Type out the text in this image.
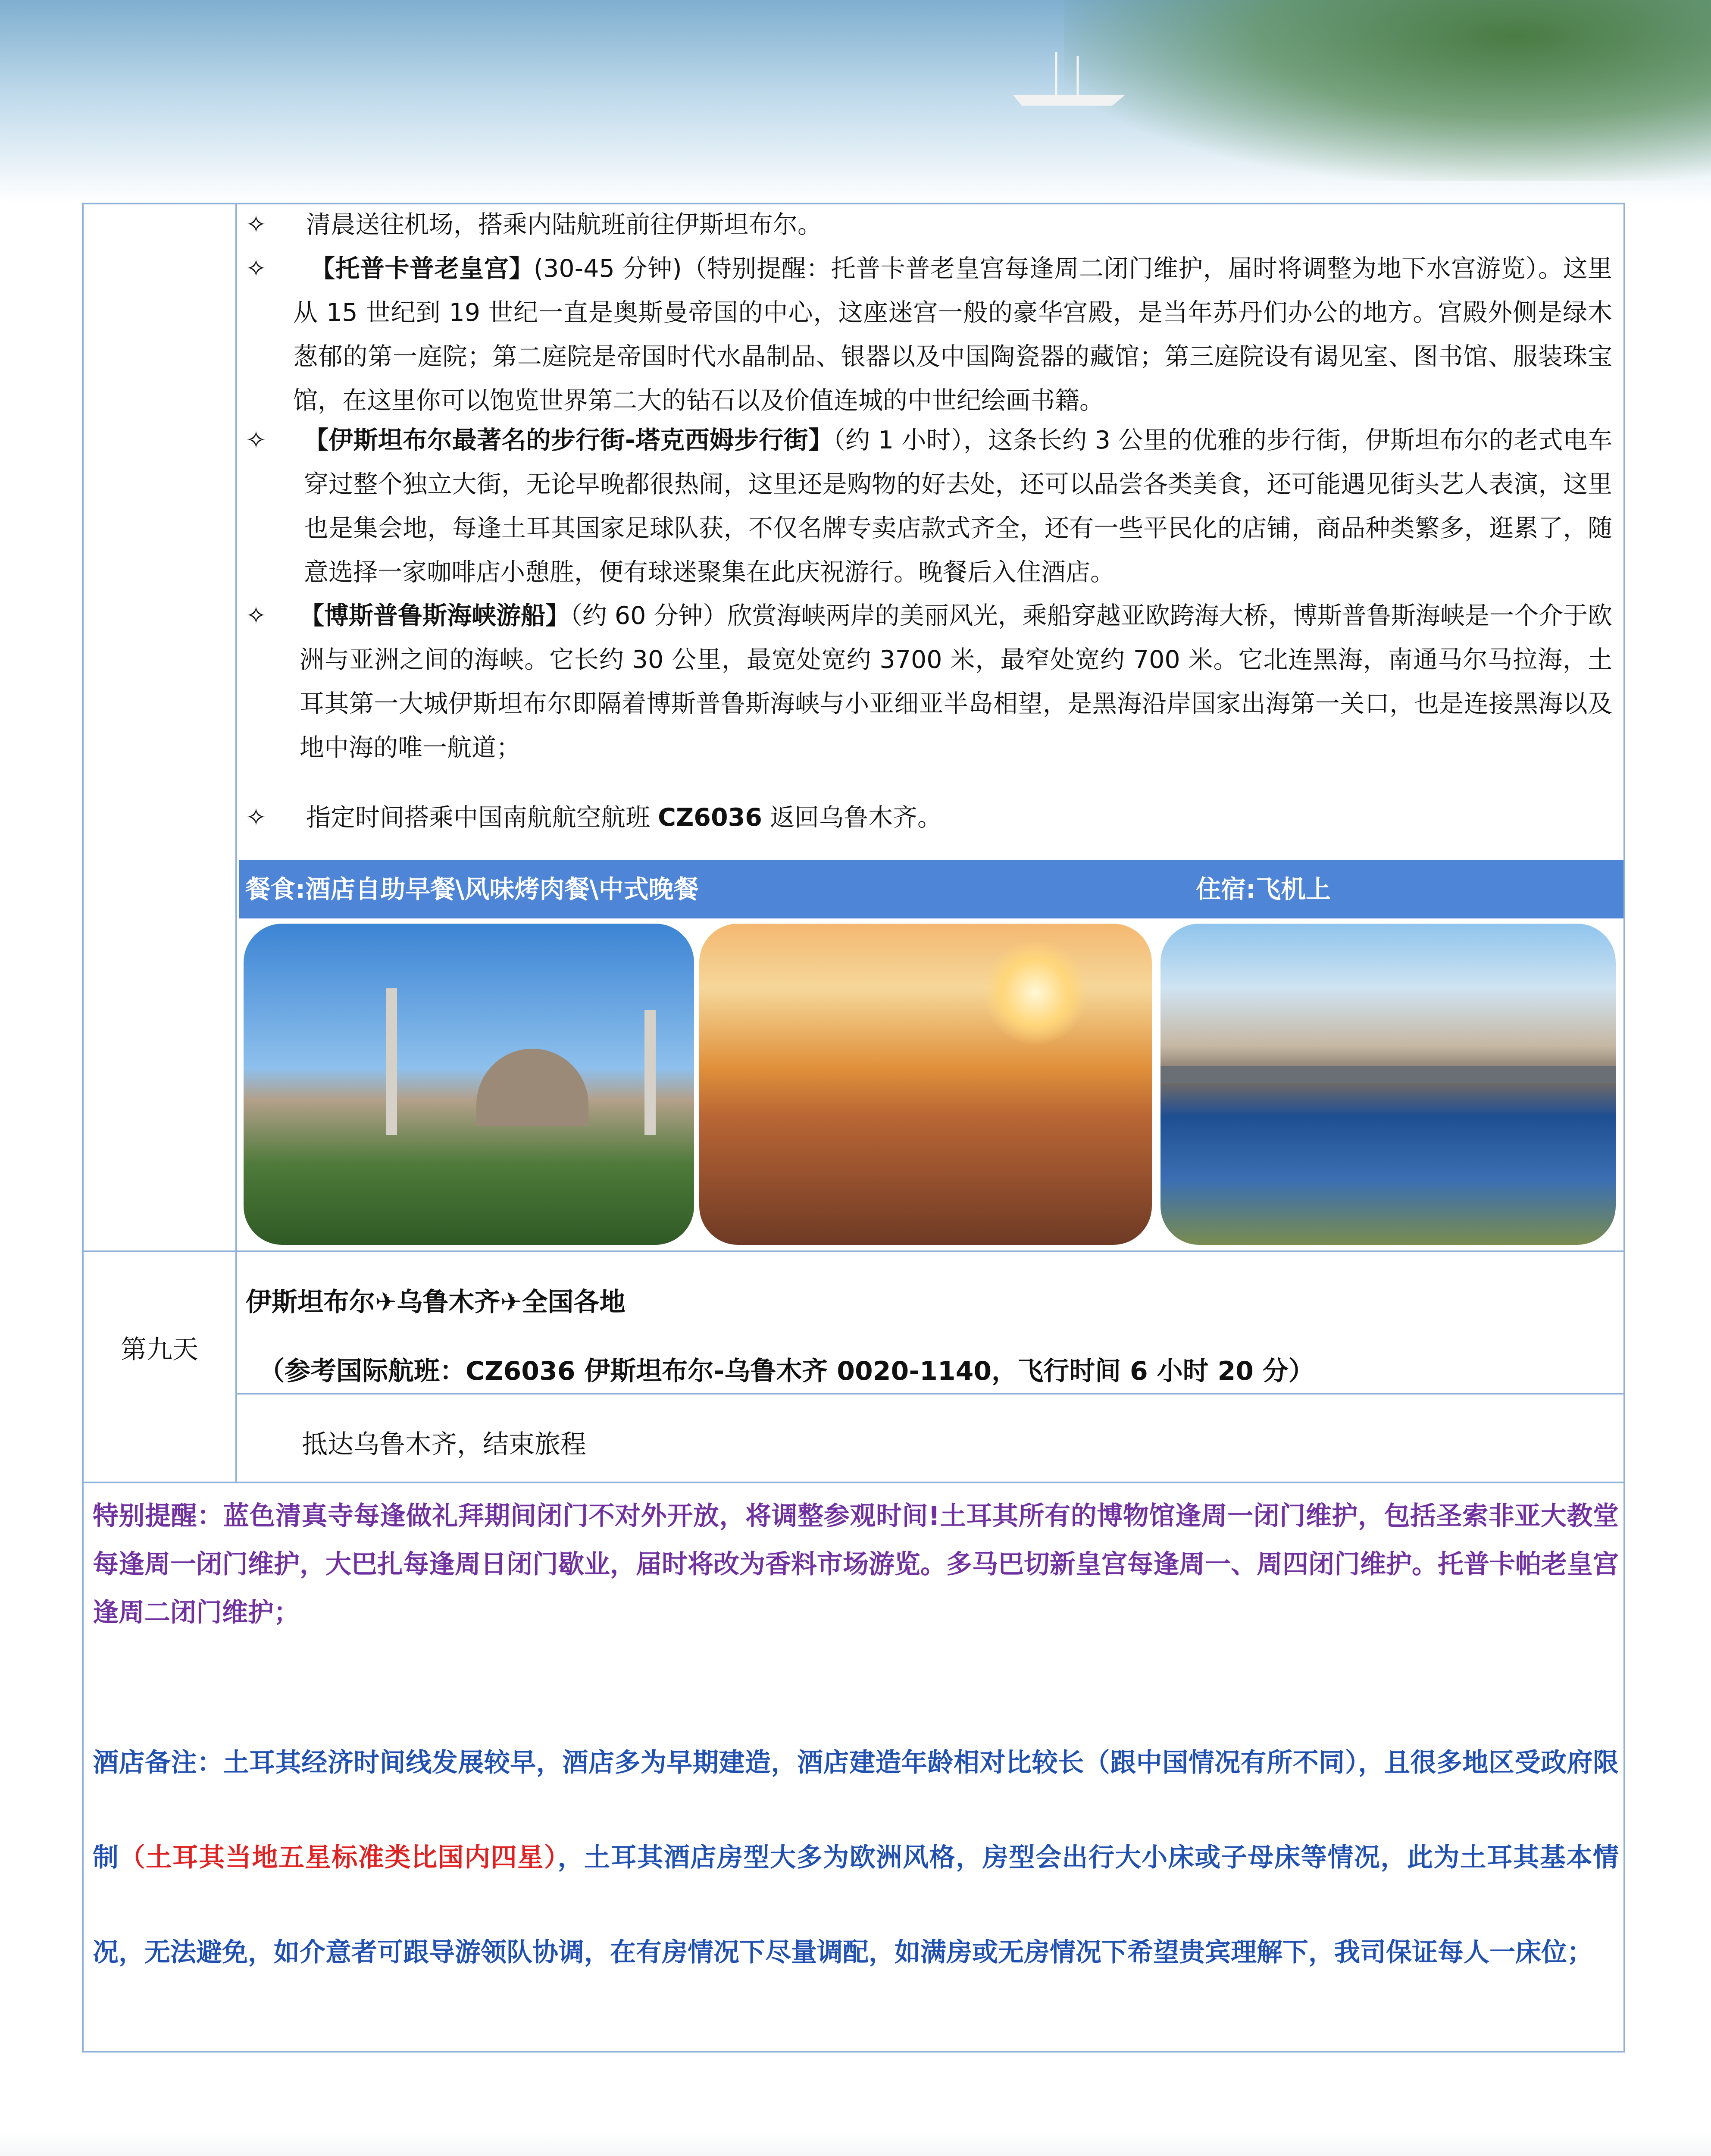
✧ 清晨送往机场，搭乘内陆航班前往伊斯坦布尔。
✧	【托普卡普老皇宫】(30-45 分钟)（特别提醒：托普卡普老皇宫每逢周二闭门维护，届时将调整为地下水宫游览）。这里从 15 世纪到 19 世纪一直是奥斯曼帝国的中心，这座迷宫一般的豪华宫殿，是当年苏丹们办公的地方。宫殿外侧是绿木葱郁的第一庭院；第二庭院是帝国时代水晶制品、银器以及中国陶瓷器的藏馆；第三庭院设有谒见室、图书馆、服装珠宝馆，在这里你可以饱览世界第二大的钻石以及价值连城的中世纪绘画书籍。
✧ 【伊斯坦布尔最著名的步行街-塔克西姆步行街】（约 1 小时），这条长约 3 公里的优雅的步行街，伊斯坦布尔的老式电车穿过整个独立大街，无论早晚都很热闹，这里还是购物的好去处，还可以品尝各类美食，还可能遇见街头艺人表演，这里也是集会地，每逢土耳其国家足球队获，不仅名牌专卖店款式齐全，还有一些平民化的店铺，商品种类繁多，逛累了，随意选择一家咖啡店小憩胜，便有球迷聚集在此庆祝游行。晚餐后入住酒店。
✧ 【博斯普鲁斯海峡游船】（约 60 分钟）欣赏海峡两岸的美丽风光，乘船穿越亚欧跨海大桥，博斯普鲁斯海峡是一个介于欧洲与亚洲之间的海峡。它长约 30 公里，最宽处宽约 3700 米，最窄处宽约 700 米。它北连黑海，南通马尔马拉海，土耳其第一大城伊斯坦布尔即隔着博斯普鲁斯海峡与小亚细亚半岛相望，是黑海沿岸国家出海第一关口，也是连接黑海以及地中海的唯一航道；
✧ 指定时间搭乘中国南航航空航班 CZ6036 返回乌鲁木齐。
餐食:酒店自助早餐\风味烤肉餐\中式晚餐	住宿:飞机上
第九天
伊斯坦布尔✈乌鲁木齐✈全国各地
（参考国际航班：CZ6036 伊斯坦布尔-乌鲁木齐 0020-1140，飞行时间 6 小时 20 分）
抵达乌鲁木齐，结束旅程
特别提醒：蓝色清真寺每逢做礼拜期间闭门不对外开放，将调整参观时间!土耳其所有的博物馆逢周一闭门维护，包括圣索非亚大教堂每逢周一闭门维护，大巴扎每逢周日闭门歇业，届时将改为香料市场游览。多马巴切新皇宫每逢周一、周四闭门维护。托普卡帕老皇宫逢周二闭门维护；
酒店备注：土耳其经济时间线发展较早，酒店多为早期建造，酒店建造年龄相对比较长（跟中国情况有所不同），且很多地区受政府限制（土耳其当地五星标准类比国内四星），土耳其酒店房型大多为欧洲风格，房型会出行大小床或子母床等情况，此为土耳其基本情况，无法避免，如介意者可跟导游领队协调，在有房情况下尽量调配，如满房或无房情况下希望贵宾理解下，我司保证每人一床位；
